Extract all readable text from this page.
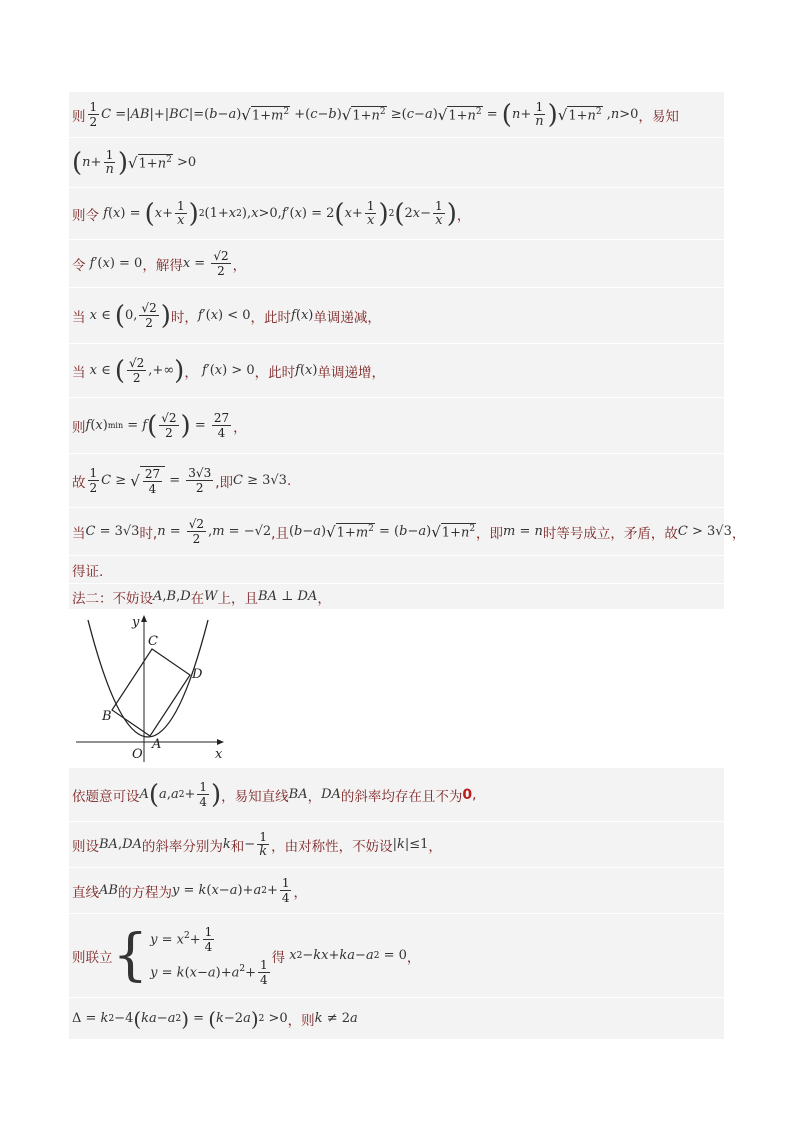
则 $\frac{1}{2}$ C =| AB |+| BC |=( b − a ) √ $1+m^2$ +( c − b ) √ $1+n^2$ ≥( c − a ) √ $1+n^2$ = ( $n + \frac{1}{n}$ ) √ $1+n^2$ , n >0 ，易知
( $n + \frac{1}{n}$ ) √ $1+n^2 >0$
则令 f ( x ) = ( $x + \frac{1}{x}$ ) 2 (1+ x 2 ), x >0, f ′( x ) = 2 ( $x + \frac{1}{x}$ ) 2 ( 2 $x - \frac{1}{x}$ ) ，
令 f ′( x ) = 0 ，解得 $x = \frac{√2}{2}$ ，
当 x ∈ ( 0, $\frac{√2}{2}$ ) 时， f ′( x ) < 0 ，此时 f ( x ) 单调递减，
当 x ∈ ( $\frac{√2}{2}$ ,+∞ ) ， f ′( x ) > 0 ，此时 f ( x ) 单调递增，
则 f ( x ) min = f ( $\frac{√2}{2}$ ) = $\frac{27}{4}$ ，
故 $\frac{1}{2}$ C ≥ √ $\frac{27}{4} = \frac{3√3}{2}$ ,即 C ≥ 3√3 .
当 C = 3√3 时, $n = \frac{√2}{2}$ , m = −√2 ,且 ( b − a ) √ $1+m^2$ = ( b − a ) √ $1+n^2$ ，即 m = n 时等号成立，矛盾，故 C > 3√3 ，
得证.
法二：不妨设 A , B , D 在 W 上，且 BA ⊥ DA ，
y
x
O
A
B
C
D
依题意可设 A ( a , a $2 + \frac{1}{4}$ ) ，易知直线 BA ， DA 的斜率均存在且不为 0 ,
则设 BA , DA 的斜率分别为 k 和 − $\frac{1}{k}$ ，由对称性，不妨设 | k |≤1 ，
直线 AB 的方程为 y = k ( x − a )+ a $2 + \frac{1}{4}$ ，
则联立 { $y = x^2+ \frac{1}{4}$
$y = k(x-a)+a^2+ \frac{1}{4}$ 得 x 2 − kx + ka − a 2 = 0 ，
Δ = k 2 −4 ( ka − a 2 ) = ( k −2 a ) 2 >0 ，则 k ≠ 2 a
